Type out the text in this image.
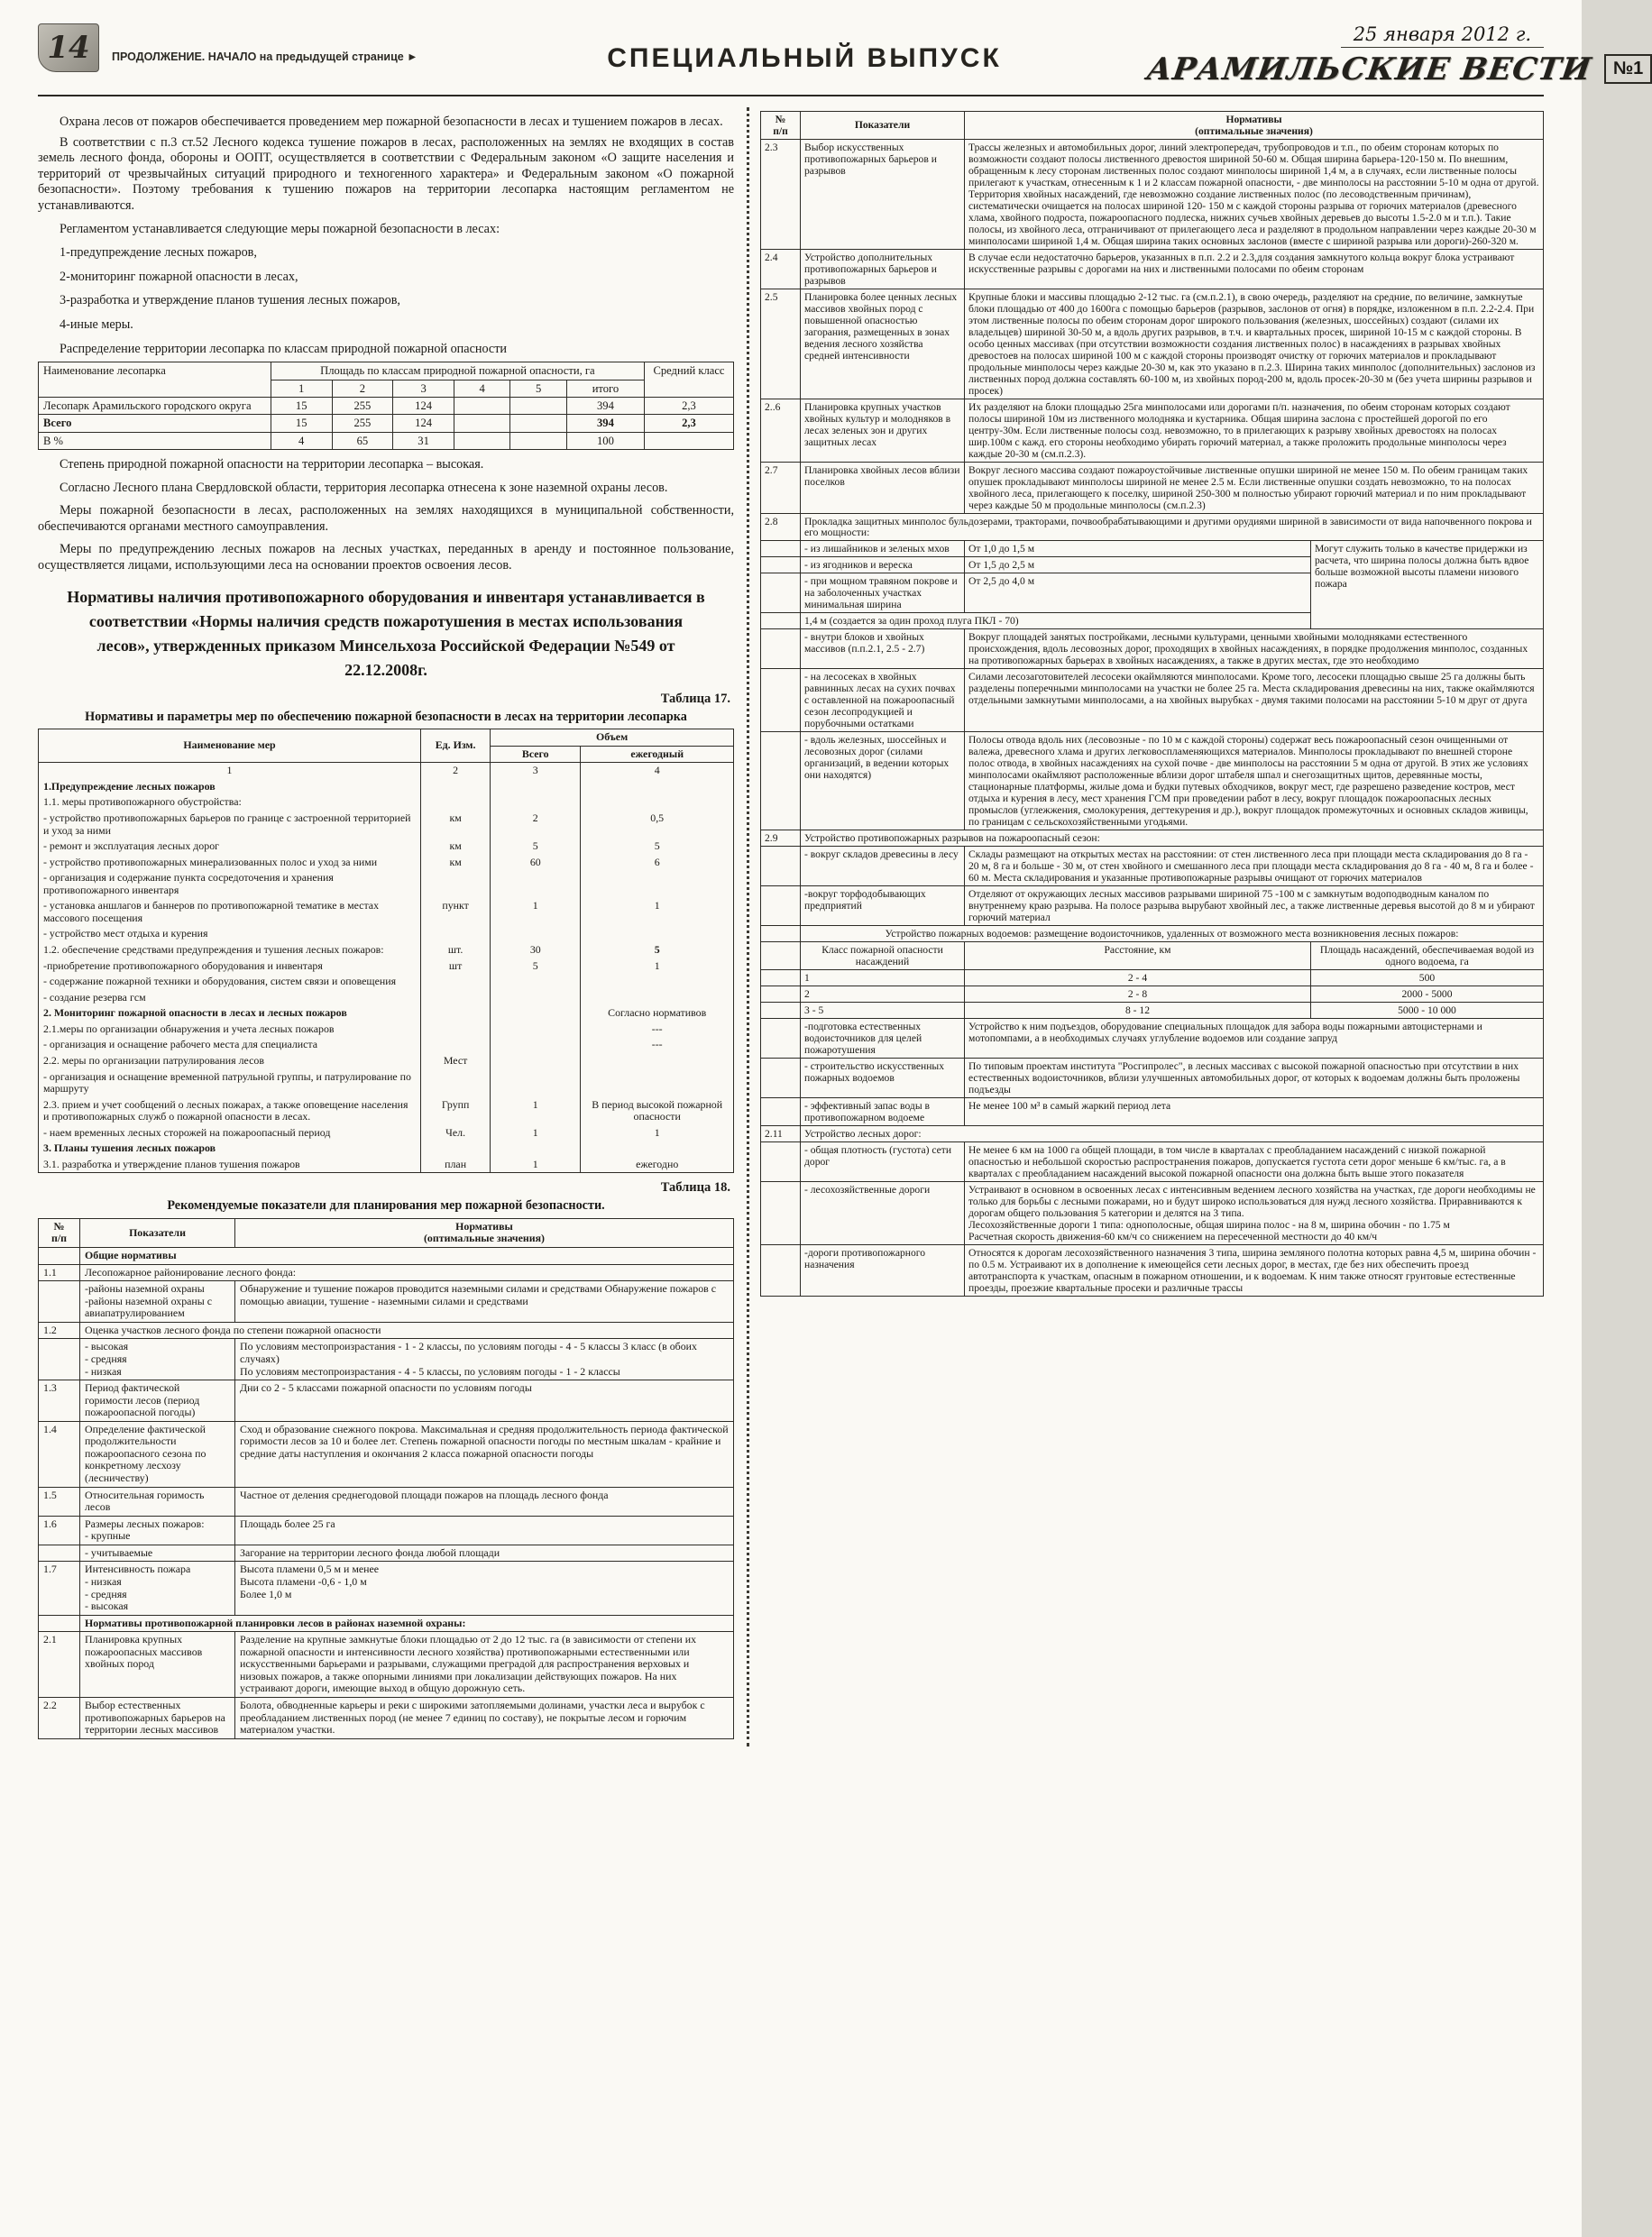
14 ПРОДОЛЖЕНИЕ. НАЧАЛО на предыдущей странице ►	СПЕЦИАЛЬНЫЙ ВЫПУСК
25 января 2012 г.
АРАМИЛЬСКИЕ ВЕСТИ №1

Охрана лесов от пожаров обеспечивается проведением мер пожарной безопасности в лесах и тушением пожаров в лесах.

В соответствии с п.3 ст.52 Лесного кодекса тушение пожаров в лесах, расположенных на землях не входящих в состав земель лесного фонда, обороны и ООПТ, осуществляется в соответствии с Федеральным законом «О защите населения и территорий от чрезвычайных ситуаций природного и техногенного характера» и Федеральным законом «О пожарной безопасности». Поэтому требования к тушению пожаров на территории лесопарка настоящим регламентом не устанавливаются.

Регламентом устанавливается следующие меры пожарной безопасности в лесах:

1-предупреждение лесных пожаров,

2-мониторинг пожарной опасности в лесах,

3-разработка и утверждение планов тушения лесных пожаров,

4-иные меры.

Распределение территории лесопарка по классам природной пожарной опасности

Наименование лесопарка	Площадь по классам природной пожарной опасности, га						Средний класс
	1	2	3	4	5	итого	
Лесопарк Арамильского городского округа	15	255	124			394	2,3
Всего	15	255	124			394	2,3
В %	4	65	31			100	

Степень природной пожарной опасности на территории лесопарка – высокая.

Согласно Лесного плана Свердловской области, территория лесопарка отнесена к зоне наземной охраны лесов.

Меры пожарной безопасности в лесах, расположенных на землях находящихся в муниципальной собственности, обеспечиваются органами местного самоуправления.

Меры по предупреждению лесных пожаров на лесных участках, переданных в аренду и постоянное пользование, осуществляется лицами, использующими леса на основании проектов освоения лесов.

Нормативы наличия противопожарного оборудования и инвентаря устанавливается в соответствии «Нормы наличия средств пожаротушения в местах использования лесов», утвержденных приказом Минсельхоза Российской Федерации №549 от 22.12.2008г.
Таблица 17.
Нормативы и параметры мер по обеспечению пожарной безопасности в лесах на территории лесопарка
Наименование мер	Ед. Изм.	Объем	
		Всего	ежегодный
1	2	3	4
1.Предупреждение лесных пожаров			
1.1. меры противопожарного обустройства:			
- устройство противопожарных барьеров по границе с застроенной территорией и уход за ними	км	2	0,5
- ремонт и эксплуатация лесных дорог	км	5	5
- устройство противопожарных минерализованных полос и уход за ними	км	60	6
- организация и содержание пункта сосредоточения и хранения противопожарного инвентаря			
- установка аншлагов и баннеров по противопожарной тематике в местах массового посещения	пункт	1	1
- устройство мест отдыха и курения			
1.2. обеспечение средствами предупреждения и тушения лесных пожаров:	шт.	30	5
-приобретение противопожарного оборудования и инвентаря	шт	5	1
- содержание пожарной техники и оборудования, систем связи и оповещения			
- создание резерва гсм			
2. Мониторинг пожарной опасности в лесах и лесных пожаров			Согласно нормативов
2.1.меры по организации обнаружения и учета лесных пожаров			---
- организация и оснащение рабочего места для специалиста			---
2.2. меры по организации патрулирования лесов	Мест		
- организация и оснащение временной патрульной группы, и патрулирование по маршруту			
2.3. прием и учет сообщений о лесных пожарах, а также оповещение населения и противопожарных служб о пожарной опасности в лесах.	Групп	1	В период высокой пожарной опасности
- наем временных лесных сторожей на пожароопасный период	Чел.	1	1
3. Планы тушения лесных пожаров			
3.1. разработка и утверждение планов тушения пожаров	план	1	ежегодно
Таблица 18.
Рекомендуемые показатели для планирования мер пожарной безопасности.
№
п/п	Показатели	Нормативы
(оптимальные значения)
	Общие нормативы	
1.1	Лесопожарное районирование лесного фонда:	
	-районы наземной охраны
-районы наземной охраны с авиапатрулированием	Обнаружение и тушение пожаров проводится наземными силами и средствами Обнаружение пожаров с помощью авиации, тушение - наземными силами и средствами
1.2	Оценка участков лесного фонда по степени пожарной опасности	
	- высокая
- средняя
- низкая	По условиям местопроизрастания - 1 - 2 классы, по условиям погоды - 4 - 5 классы 3 класс (в обоих случаях)
По условиям местопроизрастания - 4 - 5 классы, по условиям погоды - 1 - 2 классы
1.3	Период фактической горимости лесов (период пожароопасной погоды)	Дни со 2 - 5 классами пожарной опасности по условиям погоды
1.4	Определение фактической продолжительности пожароопасного сезона по конкретному лесхозу (лесничеству)	Сход и образование снежного покрова. Максимальная и средняя продолжительность периода фактической горимости лесов за 10 и более лет. Степень пожарной опасности погоды по местным шкалам - крайние и средние даты наступления и окончания 2 класса пожарной опасности погоды
1.5	Относительная горимость лесов	Частное от деления среднегодовой площади пожаров на площадь лесного фонда
1.6	Размеры лесных пожаров:
- крупные	Площадь более 25 га
	- учитываемые	Загорание на территории лесного фонда любой площади
1.7	Интенсивность пожара
- низкая
- средняя
- высокая	Высота пламени 0,5 м и менее
Высота пламени -0,6 - 1,0 м
Более 1,0 м
	Нормативы противопожарной планировки лесов в районах наземной охраны:	
2.1	Планировка крупных пожароопасных массивов хвойных пород	Разделение на крупные замкнутые блоки площадью от 2 до 12 тыс. га (в зависимости от степени их пожарной опасности и интенсивности лесного хозяйства) противопожарными естественными или искусственными барьерами и разрывами, служащими преградой для распространения верховых и низовых пожаров, а также опорными линиями при локализации действующих пожаров. На них устраивают дороги, имеющие выход в общую дорожную сеть.
2.2	Выбор естественных противопожарных барьеров на территории лесных массивов	Болота, обводненные карьеры и реки с широкими затопляемыми долинами, участки леса и вырубок с преобладанием лиственных пород (не менее 7 единиц по составу), не покрытые лесом и горючим материалом участки.
№
п/п	Показатели	Нормативы
(оптимальные значения)	
2.3	Выбор искусственных противопожарных барьеров и разрывов	Трассы железных и автомобильных дорог, линий электропередач, трубопроводов и т.п., по обеим сторонам которых по возможности создают полосы лиственного древостоя шириной 50-60 м. Общая ширина барьера-120-150 м. По внешним, обращенным к лесу сторонам лиственных полос создают минполосы шириной 1,4 м, а в случаях, если лиственные полосы прилегают к участкам, отнесенным к 1 и 2 классам пожарной опасности, - две минполосы на расстоянии 5-10 м одна от другой. Территория хвойных насаждений, где невозможно создание лиственных полос (по лесоводственным причинам), систематически очищается на полосах шириной 120- 150 м с каждой стороны разрыва от горючих материалов (древесного хлама, хвойного подроста, пожароопасного подлеска, нижних сучьев хвойных деревьев до высоты 1.5-2.0 м и т.п.). Такие полосы, из хвойного леса, отграничивают от прилегающего леса и разделяют в продольном направлении через каждые 20-30 м минполосами шириной 1,4 м. Общая ширина таких основных заслонов (вместе с шириной разрыва или дороги)-260-320 м.	
2.4	Устройство дополнительных противопожарных барьеров и разрывов	В случае если недостаточно барьеров, указанных в п.п. 2.2 и 2.3,для создания замкнутого кольца вокруг блока устраивают искусственные разрывы с дорогами на них и лиственными полосами по обеим сторонам	
2.5	Планировка более ценных лесных массивов хвойных пород с повышенной опасностью загорания, размещенных в зонах ведения лесного хозяйства средней интенсивности	Крупные блоки и массивы площадью 2-12 тыс. га (см.п.2.1), в свою очередь, разделяют на средние, по величине, замкнутые блоки площадью от 400 до 1600га с помощью барьеров (разрывов, заслонов от огня) в порядке, изложенном в п.п. 2.2-2.4. При этом лиственные полосы по обеим сторонам дорог широкого пользования (железных, шоссейных) создают (силами их владельцев) шириной 30-50 м, а вдоль других разрывов, в т.ч. и квартальных просек, шириной 10-15 м с каждой стороны. В особо ценных массивах (при отсутствии возможности создания лиственных полос) в насаждениях в разрывах хвойных древостоев на полосах шириной 100 м с каждой стороны производят очистку от горючих материалов и прокладывают продольные минполосы через каждые 20-30 м, как это указано в п.2.3. Ширина таких минполос (дополнительных) заслонов из лиственных пород должна составлять 60-100 м, из хвойных пород-200 м, вдоль просек-20-30 м (без учета ширины разрывов и просек)	
2..6	Планировка крупных участков хвойных культур и молодняков в лесах зеленых зон и других защитных лесах	Их разделяют на блоки площадью 25га минполосами или дорогами п/п. назначения, по обеим сторонам которых создают полосы шириной 10м из лиственного молодняка и кустарника. Общая ширина заслона с простейшей дорогой по его центру-30м. Если лиственные полосы созд. невозможно, то в прилегающих к разрыву хвойных древостоях на полосах шир.100м с кажд. его стороны необходимо убирать горючий материал, а также проложить продольные минполосы через каждые 20-30 м (см.п.2.3).	
2.7	Планировка хвойных лесов вблизи поселков	Вокруг лесного массива создают пожароустойчивые лиственные опушки шириной не менее 150 м. По обеим границам таких опушек прокладывают минполосы шириной не менее 2.5 м. Если лиственные опушки создать невозможно, то на полосах хвойного леса, прилегающего к поселку, шириной 250-300 м полностью убирают горючий материал и по ним прокладывают через каждые 50 м продольные минполосы (см.п.2.3)	
2.8	Прокладка защитных минполос бульдозерами, тракторами, почвообрабатывающими и другими орудиями шириной в зависимости от вида напочвенного покрова и его мощности:		
	- из лишайников и зеленых мхов	От 1,0 до 1,5 м	Могут служить только в качестве придержки из расчета, что ширина полосы должна быть вдвое больше возможной высоты пламени низового пожара
	- из ягодников и вереска	От 1,5 до 2,5 м	
	- при мощном травяном покрове и на заболоченных участках минимальная ширина	От 2,5 до 4,0 м	
	1,4 м (создается за один проход плуга ПКЛ - 70)		
	- внутри блоков и хвойных массивов (п.п.2.1, 2.5 - 2.7)	Вокруг площадей занятых постройками, лесными культурами, ценными хвойными молодняками естественного происхождения, вдоль лесовозных дорог, проходящих в хвойных насаждениях, в порядке продолжения минполос, созданных на противопожарных барьерах в хвойных насаждениях, а также в других местах, где это необходимо	
	- на лесосеках в хвойных равнинных лесах на сухих почвах с оставленной на пожароопасный сезон лесопродукцией и порубочными остатками	Силами лесозаготовителей лесосеки окаймляются минполосами. Кроме того, лесосеки площадью свыше 25 га должны быть разделены поперечными минполосами на участки не более 25 га. Места складирования древесины на них, также окаймляются отдельными замкнутыми минполосами, а на хвойных вырубках - двумя такими полосами на расстоянии 5-10 м друг от друга	
	- вдоль железных, шоссейных и лесовозных дорог (силами организаций, в ведении которых они находятся)	Полосы отвода вдоль них (лесовозные - по 10 м с каждой стороны) содержат весь пожароопасный сезон очищенными от валежа, древесного хлама и других легковоспламеняющихся материалов. Минполосы прокладывают по внешней стороне полос отвода, в хвойных насаждениях на сухой почве - две минполосы на расстоянии 5 м одна от другой. В этих же условиях минполосами окаймляют расположенные вблизи дорог штабеля шпал и снегозащитных щитов, деревянные мосты, стационарные платформы, жилые дома и будки путевых обходчиков, вокруг мест, где разрешено разведение костров, мест отдыха и курения в лесу, мест хранения ГСМ при проведении работ в лесу, вокруг площадок пожароопасных лесных промыслов (углежжения, смолокурения, дегтекурения и др.), вокруг площадок промежуточных и основных складов живицы, по границам с сельскохозяйственными угодьями.	
2.9	Устройство противопожарных разрывов на пожароопасный сезон:		
	- вокруг складов древесины в лесу	Склады размещают на открытых местах на расстоянии: от стен лиственного леса при площади места складирования до 8 га - 20 м, 8 га и больше - 30 м, от стен хвойного и смешанного леса при площади места складирования до 8 га - 40 м, 8 га и более - 60 м. Места складирования и указанные противопожарные разрывы очищают от горючих материалов	
	-вокруг торфодобывающих предприятий	Отделяют от окружающих лесных массивов разрывами шириной 75 -100 м с замкнутым водоподводным каналом по внутреннему краю разрыва. На полосе разрыва вырубают хвойный лес, а также лиственные деревья высотой до 8 м и убирают горючий материал	
	Устройство пожарных водоемов: размещение водоисточников, удаленных от возможного места возникновения лесных пожаров:		
	Класс пожарной опасности насаждений	Расстояние, км	Площадь насаждений, обеспечиваемая водой из одного водоема, га
	1	2 - 4	500
	2	2 - 8	2000 - 5000
	3 - 5	8 - 12	5000 - 10 000
	-подготовка естественных водоисточников для целей пожаротушения	Устройство к ним подъездов, оборудование специальных площадок для забора воды пожарными автоцистернами и мотопомпами, а в необходимых случаях углубление водоемов или создание запруд	
	- строительство искусственных пожарных водоемов	По типовым проектам института "Росгипролес", в лесных массивах с высокой пожарной опасностью при отсутствии в них естественных водоисточников, вблизи улучшенных автомобильных дорог, от которых к водоемам должны быть проложены подъезды	
	- эффективный запас воды в противопожарном водоеме	Не менее 100 м³ в самый жаркий период лета	
2.11	Устройство лесных дорог:		
	- общая плотность (густота) сети дорог	Не менее 6 км на 1000 га общей площади, в том числе в кварталах с преобладанием насаждений с низкой пожарной опасностью и небольшой скоростью распространения пожаров, допускается густота сети дорог меньше 6 км/тыс. га, а в кварталах с преобладанием насаждений высокой пожарной опасности она должна быть выше этого показателя	
	- лесохозяйственные дороги	Устраивают в основном в освоенных лесах с интенсивным ведением лесного хозяйства на участках, где дороги необходимы не только для борьбы с лесными пожарами, но и будут широко использоваться для нужд лесного хозяйства. Приравниваются к дорогам общего пользования 5 категории и делятся на 3 типа.
Лесохозяйственные дороги 1 типа: однополосные, общая ширина полос - на 8 м, ширина обочин - по 1.75 м
Расчетная скорость движения-60 км/ч со снижением на пересеченной местности до 40 км/ч	
	-дороги противопожарного назначения	Относятся к дорогам лесохозяйственного назначения 3 типа, ширина земляного полотна которых равна 4,5 м, ширина обочин - по 0.5 м. Устраивают их в дополнение к имеющейся сети лесных дорог, в местах, где без них обеспечить проезд автотранспорта к участкам, опасным в пожарном отношении, и к водоемам. К ним также относят грунтовые естественные проезды, проезжие квартальные просеки и различные трассы	
